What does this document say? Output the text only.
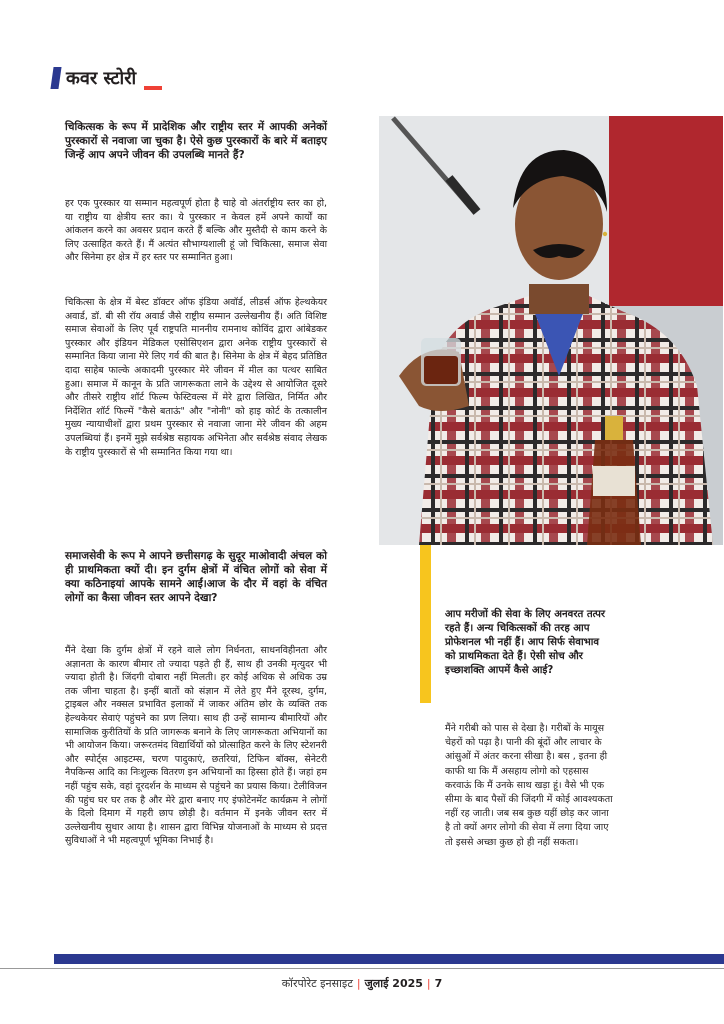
कवर स्टोरी

चिकित्सक के रूप में प्रादेशिक और राष्ट्रीय स्तर में आपकी अनेकों पुरस्कारों से नवाजा जा चुका है। ऐसे कुछ पुरस्कारों के बारे में बताइए जिन्हें आप अपने जीवन की उपलब्धि मानते हैं?

हर एक पुरस्कार या सम्मान महत्वपूर्ण होता है चाहे वो अंतर्राष्ट्रीय स्तर का हो, या राष्ट्रीय या क्षेत्रीय स्तर का। ये पुरस्कार न केवल हमें अपने कार्यों का आंकलन करने का अवसर प्रदान करते हैं बल्कि और मुस्तैदी से काम करने के लिए उत्साहित करते हैं। मैं अत्यंत सौभाग्यशाली हूं जो चिकित्सा, समाज सेवा और सिनेमा हर क्षेत्र में हर स्तर पर सम्मानित हुआ।

चिकित्सा के क्षेत्र में बेस्ट डॉक्टर ऑफ इंडिया अवॉर्ड, लीडर्स ऑफ हेल्थकेयर अवार्ड, डॉ. बी सी रॉय अवार्ड जैसे राष्ट्रीय सम्मान उल्लेखनीय हैं। अति विशिष्ट समाज सेवाओं के लिए पूर्व राष्ट्रपति माननीय रामनाथ कोविंद द्वारा आंबेडकर पुरस्कार और इंडियन मेडिकल एसोसिएशन द्वारा अनेक राष्ट्रीय पुरस्कारों से सम्मानित किया जाना मेरे लिए गर्व की बात है। सिनेमा के क्षेत्र में बेहद प्रतिष्ठित दादा साहेब फाल्के अकादमी पुरस्कार मेरे जीवन में मील का पत्थर साबित हुआ। समाज में कानून के प्रति जागरूकता लाने के उद्देश्य से आयोजित दूसरे और तीसरे राष्ट्रीय शॉर्ट फिल्म फेस्टिवल्स में मेरे द्वारा लिखित, निर्मित और निर्देशित शॉर्ट फिल्में "कैसे बताऊं" और "नोनी" को हाइ कोर्ट के तत्कालीन मुख्य न्यायाधीशों द्वारा प्रथम पुरस्कार से नवाजा जाना मेरे जीवन की अहम उपलब्धियां हैं। इनमें मुझे सर्वश्रेष्ठ सहायक अभिनेता और सर्वश्रेष्ठ संवाद लेखक के राष्ट्रीय पुरस्कारों से भी सम्मानित किया गया था।

समाजसेवी के रूप मे आपने छत्तीसगढ़ के सुदूर माओवादी अंचल को ही प्राथमिकता क्यों दी। इन दुर्गम क्षेत्रों में वंचित लोगों को सेवा में क्या कठिनाइयां आपके सामने आईं।आज के दौर में वहां के वंचित लोगों का कैसा जीवन स्तर आपने देखा?

मैंने देखा कि दुर्गम क्षेत्रों में रहने वाले लोग निर्धनता, साधनविहीनता और अज्ञानता के कारण बीमार तो ज्यादा पड़ते ही हैं, साथ ही उनकी मृत्युदर भी ज्यादा होती है। जिंदगी दोबारा नहीं मिलती। हर कोई अधिक से अधिक उम्र तक जीना चाहता है। इन्हीं बातों को संज्ञान में लेते हुए मैंने दूरस्थ, दुर्गम, ट्राइबल और नक्सल प्रभावित इलाकों में जाकर अंतिम छोर के व्यक्ति तक हेल्थकेयर सेवाएं पहुंचने का प्रण लिया। साथ ही उन्हें सामान्य बीमारियों और सामाजिक कुरीतियों के प्रति जागरूक बनाने के लिए जागरूकता अभियानों का भी आयोजन किया। जरूरतमंद विद्यार्थियों को प्रोत्साहित करने के लिए स्टेशनरी और स्पोर्ट्स आइटम्स, चरण पादुकाएं, छतरियां, टिफिन बॉक्स, सेनेटरी नैपकिन्स आदि का निःशुल्क वितरण इन अभियानों का हिस्सा होते हैं। जहां हम नहीं पहुंच सके, वहां दूरदर्शन के माध्यम से पहुंचने का प्रयास किया। टेलीविजन की पहुंच घर घर तक है और मेरे द्वारा बनाए गए इंफोटेनमेंट कार्यक्रम ने लोगों के दिलो दिमाग में गहरी छाप छोड़ी है। वर्तमान में इनके जीवन स्तर में उल्लेखनीय सुधार आया है। शासन द्वारा विभिन्न योजनाओं के माध्यम से प्रदत्त सुविधाओं ने भी महत्वपूर्ण भूमिका निभाई है।

आप मरीजों की सेवा के लिए अनवरत तत्पर रहते हैं। अन्य चिकित्सकों की तरह आप प्रोफेशनल भी नहीं हैं। आप सिर्फ सेवाभाव को प्राथमिकता देते हैं। ऐसी सोच और इच्छाशक्ति आपमें कैसे आई?

मैंने गरीबी को पास से देखा है। गरीबों के मायूस चेहरों को पढ़ा है। पानी की बूंदों और लाचार के आंसुओं में अंतर करना सीखा है। बस , इतना ही काफी था कि मैं असहाय लोगो को एहसास करवाऊं कि मैं उनके साथ खड़ा हूं। वैसे भी एक सीमा के बाद पैसों की जिंदगी में कोई आवश्यकता नहीं रह जाती। जब सब कुछ यहीं छोड़ कर जाना है तो क्यों अगर लोगो की सेवा में लगा दिया जाए तो इससे अच्छा कुछ हो ही नहीं सकता।

कॉरपोरेट इनसाइट | जुलाई 2025 | 7
